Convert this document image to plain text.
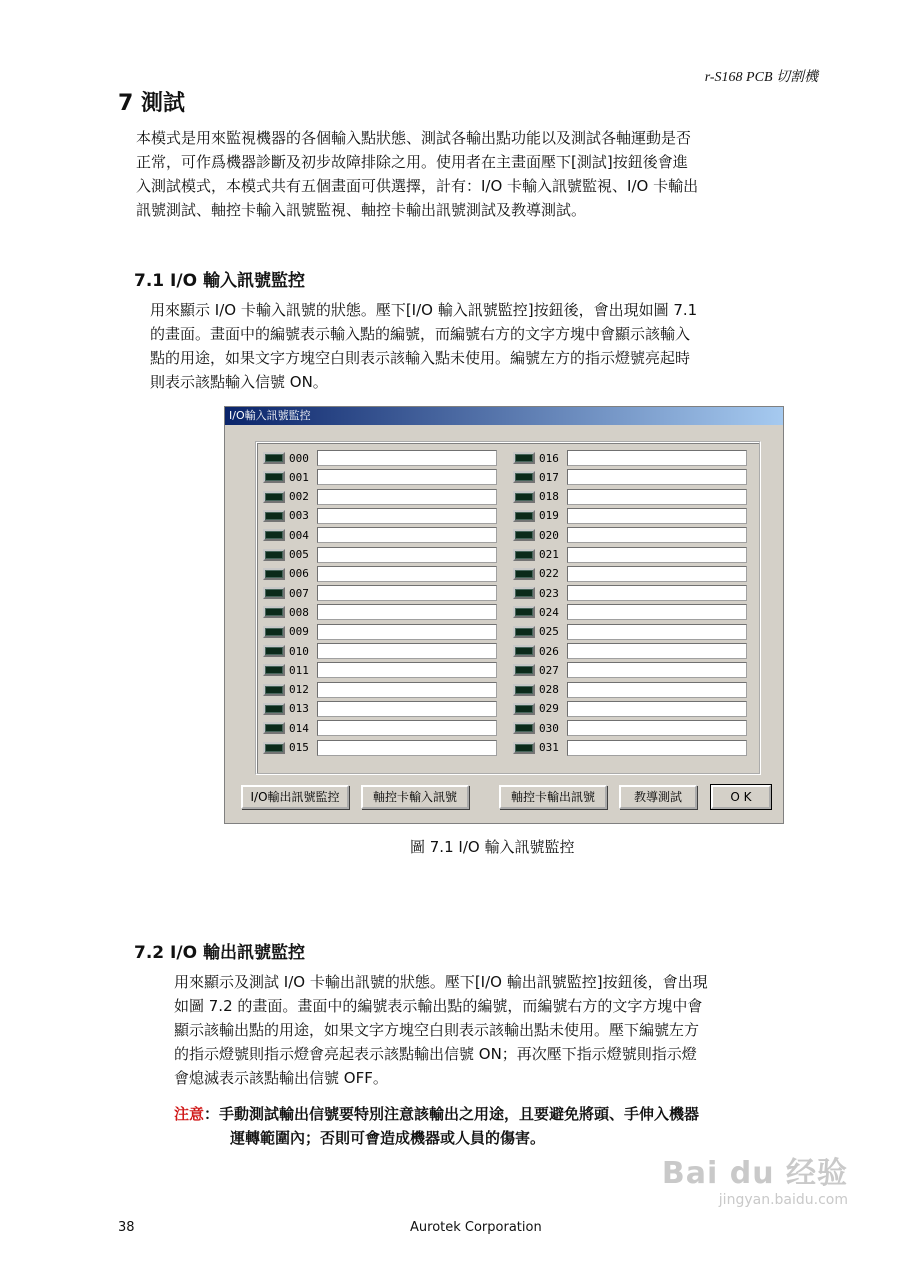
r-S168 PCB 切割機
7 測試
本模式是用來監視機器的各個輸入點狀態、測試各輸出點功能以及測試各軸運動是否
正常，可作爲機器診斷及初步故障排除之用。使用者在主畫面壓下[測試]按鈕後會進
入測試模式，本模式共有五個畫面可供選擇，計有：I/O 卡輸入訊號監視、I/O 卡輸出
訊號測試、軸控卡輸入訊號監視、軸控卡輸出訊號測試及教導測試。
7.1 I/O 輸入訊號監控
用來顯示 I/O 卡輸入訊號的狀態。壓下[I/O 輸入訊號監控]按鈕後，會出現如圖 7.1
的畫面。畫面中的編號表示輸入點的編號，而編號右方的文字方塊中會顯示該輸入
點的用途，如果文字方塊空白則表示該輸入點未使用。編號左方的指示燈號亮起時
則表示該點輸入信號 ON。
I/O輸入訊號監控
000
001
002
003
004
005
006
007
008
009
010
011
012
013
014
015
016
017
018
019
020
021
022
023
024
025
026
027
028
029
030
031
I/O輸出訊號監控	軸控卡輸入訊號	軸控卡輸出訊號	教導測試	O K
圖 7.1 I/O 輸入訊號監控
7.2 I/O 輸出訊號監控
用來顯示及測試 I/O 卡輸出訊號的狀態。壓下[I/O 輸出訊號監控]按鈕後，會出現
如圖 7.2 的畫面。畫面中的編號表示輸出點的編號，而編號右方的文字方塊中會
顯示該輸出點的用途，如果文字方塊空白則表示該輸出點未使用。壓下編號左方
的指示燈號則指示燈會亮起表示該點輸出信號 ON；再次壓下指示燈號則指示燈
會熄滅表示該點輸出信號 OFF。
注意：手動測試輸出信號要特別注意該輸出之用途，且要避免將頭、手伸入機器
運轉範圍內；否則可會造成機器或人員的傷害。
38	Aurotek Corporation
Bai du 经验
jingyan.baidu.com
